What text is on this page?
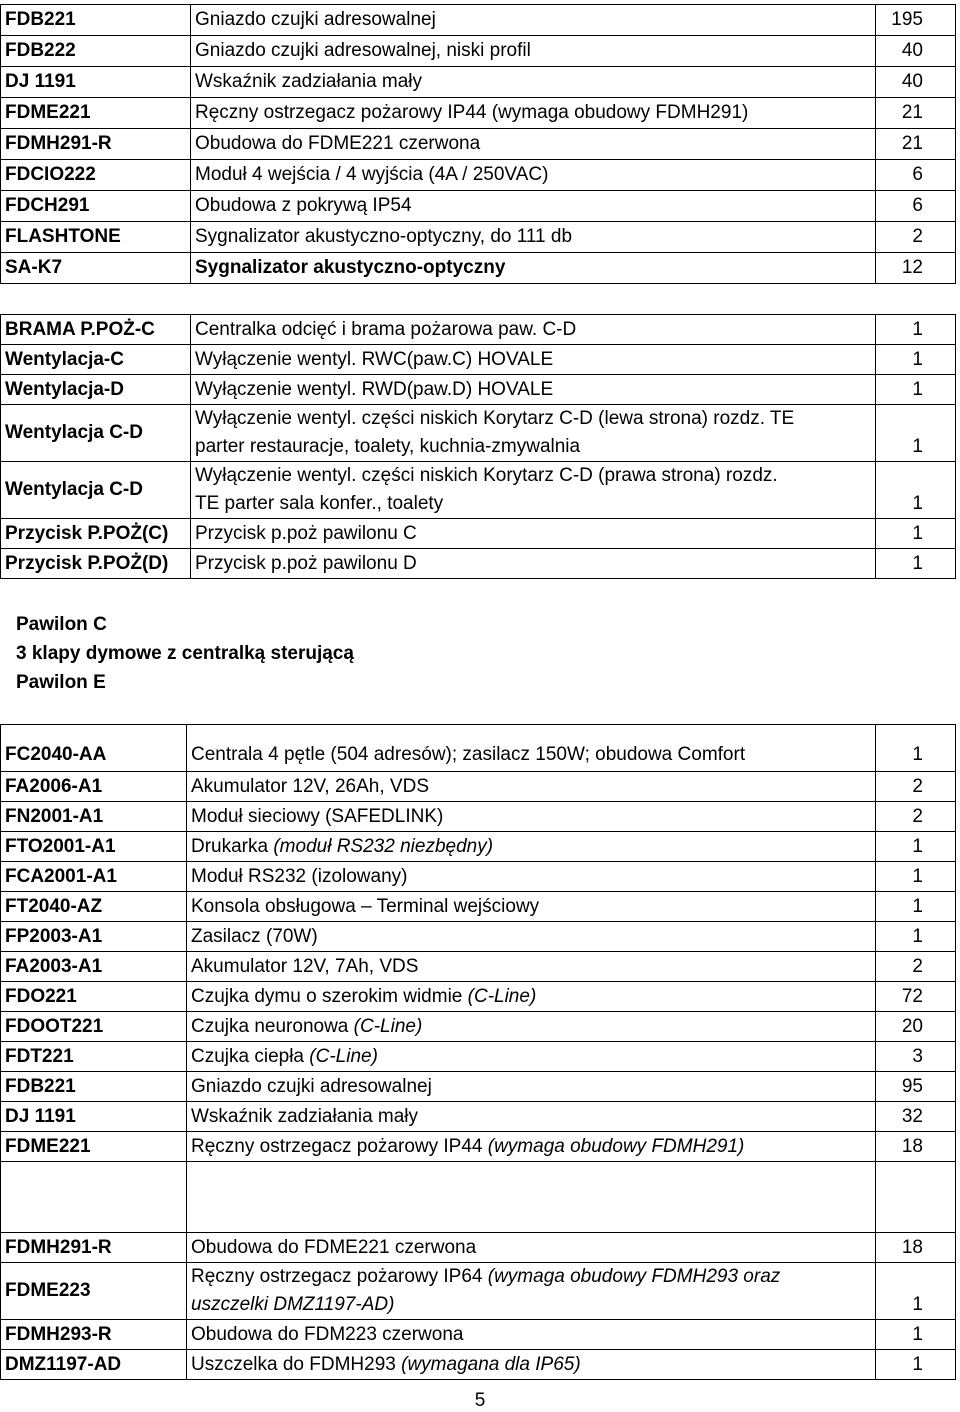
FDB221	Gniazdo czujki adresowalnej	195
FDB222	Gniazdo czujki adresowalnej, niski profil	40
DJ 1191	Wskaźnik zadziałania mały	40
FDME221	Ręczny ostrzegacz pożarowy IP44 (wymaga obudowy FDMH291)	21
FDMH291-R	Obudowa do FDME221 czerwona	21
FDCIO222	Moduł 4 wejścia / 4 wyjścia (4A / 250VAC)	6
FDCH291	Obudowa z pokrywą IP54	6
FLASHTONE	Sygnalizator akustyczno-optyczny, do 111 db	2
SA-K7	Sygnalizator akustyczno-optyczny	12
BRAMA P.POŻ-C	Centralka odcięć i brama pożarowa paw. C-D	1
Wentylacja-C	Wyłączenie wentyl. RWC(paw.C) HOVALE	1
Wentylacja-D	Wyłączenie wentyl. RWD(paw.D) HOVALE	1
Wentylacja C-D	Wyłączenie wentyl. części niskich Korytarz C-D (lewa strona) rozdz. TE
parter restauracje, toalety, kuchnia-zmywalnia	1
Wentylacja C-D	Wyłączenie wentyl. części niskich Korytarz C-D (prawa strona) rozdz.
TE parter sala konfer., toalety	1
Przycisk P.POŻ(C)	Przycisk p.poż pawilonu C	1
Przycisk P.POŻ(D)	Przycisk p.poż pawilonu D	1
Pawilon C
3 klapy dymowe z centralką sterującą
Pawilon E
FC2040-AA	Centrala 4 pętle (504 adresów); zasilacz 150W; obudowa Comfort	1
FA2006-A1	Akumulator 12V, 26Ah, VDS	2
FN2001-A1	Moduł sieciowy (SAFEDLINK)	2
FTO2001-A1	Drukarka (moduł RS232 niezbędny)	1
FCA2001-A1	Moduł RS232 (izolowany)	1
FT2040-AZ	Konsola obsługowa – Terminal wejściowy	1
FP2003-A1	Zasilacz (70W)	1
FA2003-A1	Akumulator 12V, 7Ah, VDS	2
FDO221	Czujka dymu o szerokim widmie (C-Line)	72
FDOOT221	Czujka neuronowa (C-Line)	20
FDT221	Czujka ciepła (C-Line)	3
FDB221	Gniazdo czujki adresowalnej	95
DJ 1191	Wskaźnik zadziałania mały	32
FDME221	Ręczny ostrzegacz pożarowy IP44 (wymaga obudowy FDMH291)	18

FDMH291-R	Obudowa do FDME221 czerwona	18
FDME223	Ręczny ostrzegacz pożarowy IP64 (wymaga obudowy FDMH293 oraz
uszczelki DMZ1197-AD)	1
FDMH293-R	Obudowa do FDM223 czerwona	1
DMZ1197-AD	Uszczelka do FDMH293 (wymagana dla IP65)	1
5
